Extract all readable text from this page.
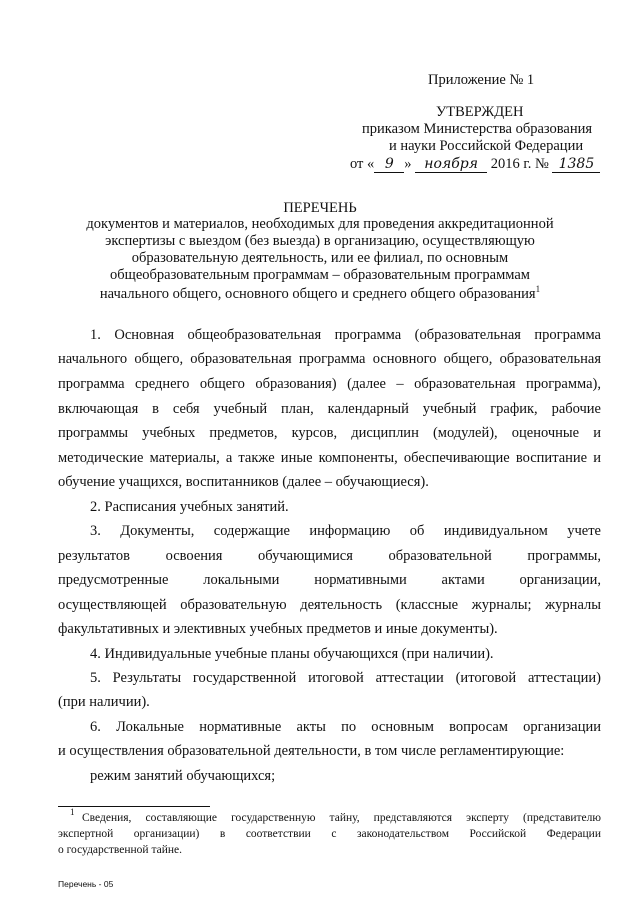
Приложение № 1
УТВЕРЖДЕН
приказом Министерства образования
и науки Российской Федерации
от « 9 » ноября 2016 г. № 1385
ПЕРЕЧЕНЬ
документов и материалов, необходимых для проведения аккредитационной
экспертизы с выездом (без выезда) в организацию, осуществляющую
образовательную деятельность, или ее филиал, по основным
общеобразовательным программам – образовательным программам
начального общего, основного общего и среднего общего образования$^1$
1. Основная общеобразовательная программа (образовательная программа
начального общего, образовательная программа основного общего, образовательная
программа среднего общего образования) (далее – образовательная программа),
включающая в себя учебный план, календарный учебный график, рабочие
программы учебных предметов, курсов, дисциплин (модулей), оценочные и
методические материалы, а также иные компоненты, обеспечивающие воспитание и
обучение учащихся, воспитанников (далее – обучающиеся).
2. Расписания учебных занятий.
3. Документы, содержащие информацию об индивидуальном учете
результатов освоения обучающимися образовательной программы,
предусмотренные локальными нормативными актами организации,
осуществляющей образовательную деятельность (классные журналы; журналы
факультативных и элективных учебных предметов и иные документы).
4. Индивидуальные учебные планы обучающихся (при наличии).
5. Результаты государственной итоговой аттестации (итоговой аттестации)
(при наличии).
6. Локальные нормативные акты по основным вопросам организации
и осуществления образовательной деятельности, в том числе регламентирующие:
режим занятий обучающихся;
1 Сведения, составляющие государственную тайну, представляются эксперту (представителю
экспертной организации) в соответствии с законодательством Российской Федерации
о государственной тайне.
Перечень - 05
